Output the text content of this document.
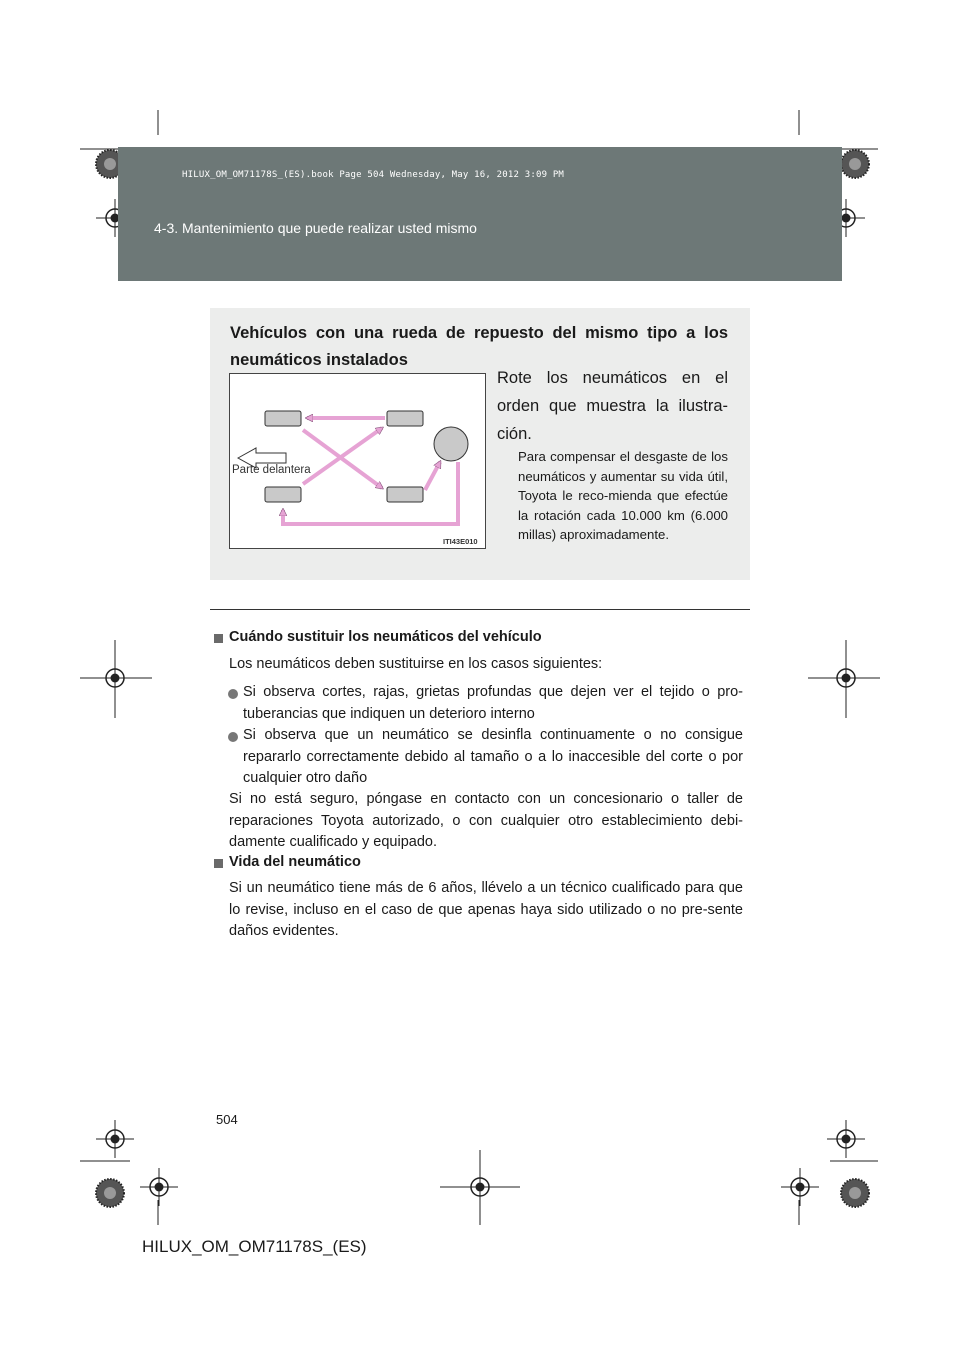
HILUX_OM_OM71178S_(ES).book Page 504 Wednesday, May 16, 2012 3:09 PM
4-3. Mantenimiento que puede realizar usted mismo
Vehículos con una rueda de repuesto del mismo tipo a los neumáticos instalados
Rote los neumáticos en el orden que muestra la ilustra-ción.
Para compensar el desgaste de los neumáticos y aumentar su vida útil, Toyota le reco-mienda que efectúe la rotación cada 10.000 km (6.000 millas) aproximadamente.
Parte delantera
ITI43E010
Cuándo sustituir los neumáticos del vehículo
Los neumáticos deben sustituirse en los casos siguientes:
Si observa cortes, rajas, grietas profundas que dejen ver el tejido o pro-tuberancias que indiquen un deterioro interno
Si observa que un neumático se desinfla continuamente o no consigue repararlo correctamente debido al tamaño o a lo inaccesible del corte o por cualquier otro daño
Si no está seguro, póngase en contacto con un concesionario o taller de reparaciones Toyota autorizado, o con cualquier otro establecimiento debi-damente cualificado y equipado.
Vida del neumático
Si un neumático tiene más de 6 años, llévelo a un técnico cualificado para que lo revise, incluso en el caso de que apenas haya sido utilizado o no pre-sente daños evidentes.
504
HILUX_OM_OM71178S_(ES)
